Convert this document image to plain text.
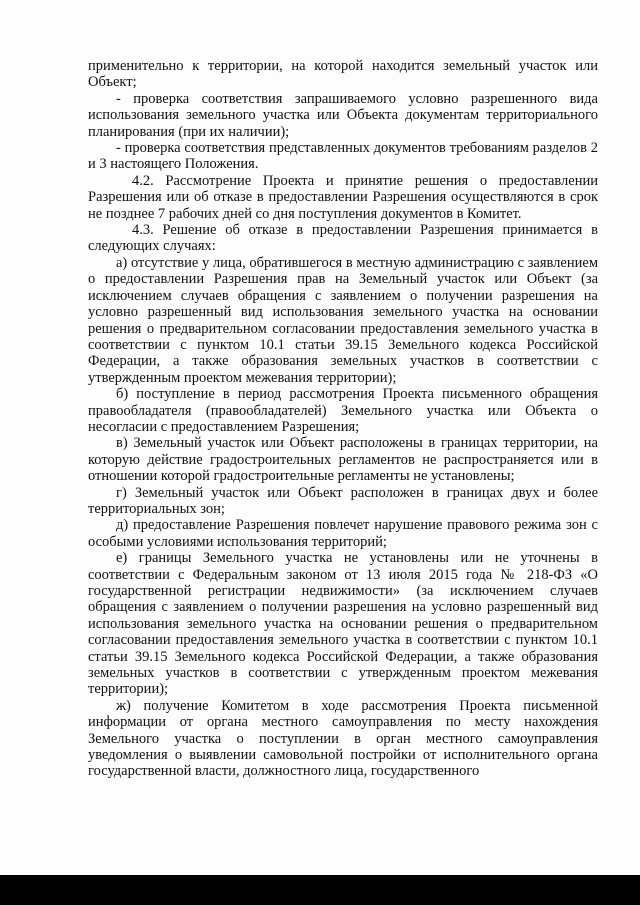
применительно к территории, на которой находится земельный участок или Объект;

- проверка соответствия запрашиваемого условно разрешенного вида использования земельного участка или Объекта документам территориального планирования (при их наличии);

- проверка соответствия представленных документов требованиям разделов 2 и 3 настоящего Положения.

4.2. Рассмотрение Проекта и принятие решения о предоставлении Разрешения или об отказе в предоставлении Разрешения осуществляются в срок не позднее 7 рабочих дней со дня поступления документов в Комитет.

4.3. Решение об отказе в предоставлении Разрешения принимается в следующих случаях:

а) отсутствие у лица, обратившегося в местную администрацию с заявлением о предоставлении Разрешения прав на Земельный участок или Объект (за исключением случаев обращения с заявлением о получении разрешения на условно разрешенный вид использования земельного участка на основании решения о предварительном согласовании предоставления земельного участка в соответствии с пунктом 10.1 статьи 39.15 Земельного кодекса Российской Федерации, а также образования земельных участков в соответствии с утвержденным проектом межевания территории);

б) поступление в период рассмотрения Проекта письменного обращения правообладателя (правообладателей) Земельного участка или Объекта о несогласии с предоставлением Разрешения;

в) Земельный участок или Объект расположены в границах территории, на которую действие градостроительных регламентов не распространяется или в отношении которой градостроительные регламенты не установлены;

г) Земельный участок или Объект расположен в границах двух и более территориальных зон;

д) предоставление Разрешения повлечет нарушение правового режима зон с особыми условиями использования территорий;

е) границы Земельного участка не установлены или не уточнены в соответствии с Федеральным законом от 13 июля 2015 года № 218-ФЗ «О государственной регистрации недвижимости» (за исключением случаев обращения с заявлением о получении разрешения на условно разрешенный вид использования земельного участка на основании решения о предварительном согласовании предоставления земельного участка в соответствии с пунктом 10.1 статьи 39.15 Земельного кодекса Российской Федерации, а также образования земельных участков в соответствии с утвержденным проектом межевания территории);

ж) получение Комитетом в ходе рассмотрения Проекта письменной информации от органа местного самоуправления по месту нахождения Земельного участка о поступлении в орган местного самоуправления уведомления о выявлении самовольной постройки от исполнительного органа государственной власти, должностного лица, государственного
